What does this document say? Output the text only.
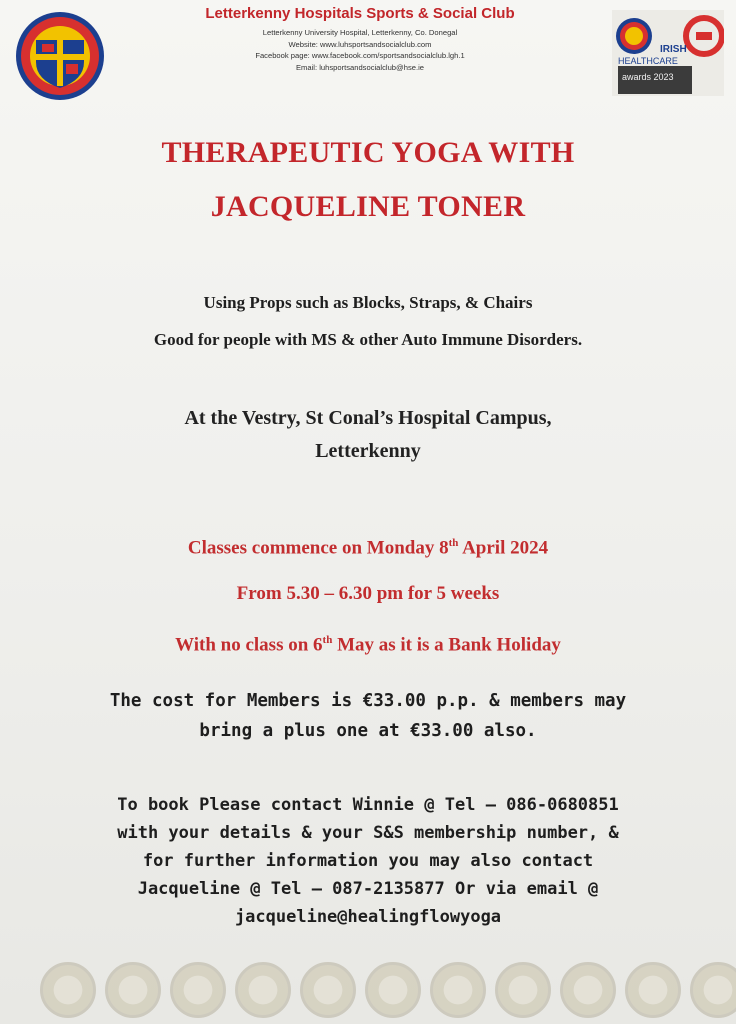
Letterkenny Hospitals Sports & Social Club
Letterkenny University Hospital, Letterkenny, Co. Donegal
Website: www.luhsportsandsocialclub.com
Facebook page: www.facebook.com/sportsandsocialclub.lgh.1
Email: luhsportsandsocialclub@hse.ie
IRISH
HEALTHCARE
awards 2023
THERAPEUTIC YOGA WITH
JACQUELINE TONER
Using Props such as Blocks, Straps, & Chairs
Good for people with MS & other Auto Immune Disorders.
At the Vestry, St Conal’s Hospital Campus,
Letterkenny
Classes commence on Monday 8th April 2024
From 5.30 – 6.30 pm for 5 weeks
With no class on 6th May as it is a Bank Holiday
The cost for Members is €33.00 p.p. & members may
bring a plus one at €33.00 also.
To book Please contact Winnie @ Tel – 086-0680851
with your details & your S&S membership number, &
for further information you may also contact
Jacqueline @ Tel – 087-2135877 Or via email @
jacqueline@healingflowyoga
